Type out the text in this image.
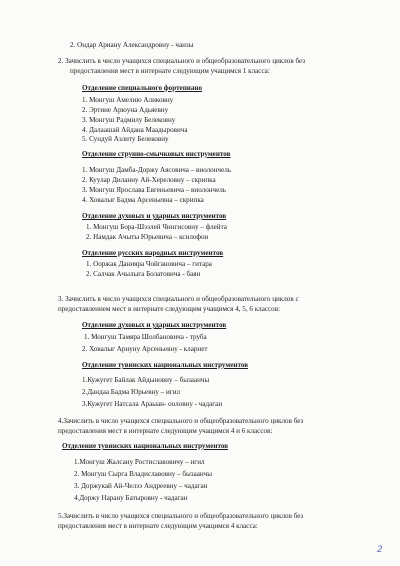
2. Ондар Ариану Александровну - чанзы
2. Зачислить в число учащихся специального и общеобразовательного циклов без
предоставления мест в интернате следующим учащимся 1 класса:
Отделение специального фортепиано
1. Монгуш Амелию Аликовну
2. Эртине Арюуна Адьяевну
3. Монгуш Радмилу Белековну
4. Далаашай Айдана Маадыровича
5. Сундуй Азлиту Белековну
Отделение струнно-смычковых инструментов
1. Монгуш Дамба-Доржу Аясовича – виолончель
2. Куулар Диланну Ай-Хереловну – скрипка
3. Монгуш Ярослава Евгеньевича – виолончель
4. Ховалыг Бадма Арсеньевна – скрипка
Отделение духовых и ударных инструментов
1. Монгуш Бора-Шээлей Чингисовну – флейта
2. Намдак Ачыты Юрьевича – ксилофон
Отделение русских народных инструментов
1. Ооржак Данияра Чойгановича – гитара
2. Салчак Ачылыга Болатовича - баян
3. Зачислить в число учащихся специального и общеобразовательного циклов с
предоставлением мест в интернате следующим учащимся 4, 5, 6 классов:
Отделение духовых и ударных инструментов
1. Монгуш Тамяра Шолбановича - труба
2. Ховалыг Арнуну Арсеньевну - кларнет
Отделение тувинских национальных инструментов
1.Кужугет Байлак Айдыновну – бызаанчы
2.Дандаа Бадма Юрьевну – игил
3.Кужугет Натсала Араыан- ооловну - чадаган
4.Зачислить в число учащихся специального и общеобразовательного циклов без
предоставления мест в интернате следующим учащимся 4 и 6 классов:
Отделение тувинских национальных инструментов
1.Монгуш Жалсану Ростиславовичу – игил
2. Монгуш Сырга Владиславовну – бызаанчы
3. Доржукай Ай-Челээ Андреевну – чадаган
4.Доржу Нарану Батыровну - чадаган
5.Зачислить в число учащихся специального и общеобразовательного циклов без
предоставления мест в интернате следующим учащимся 4 класса:
2
